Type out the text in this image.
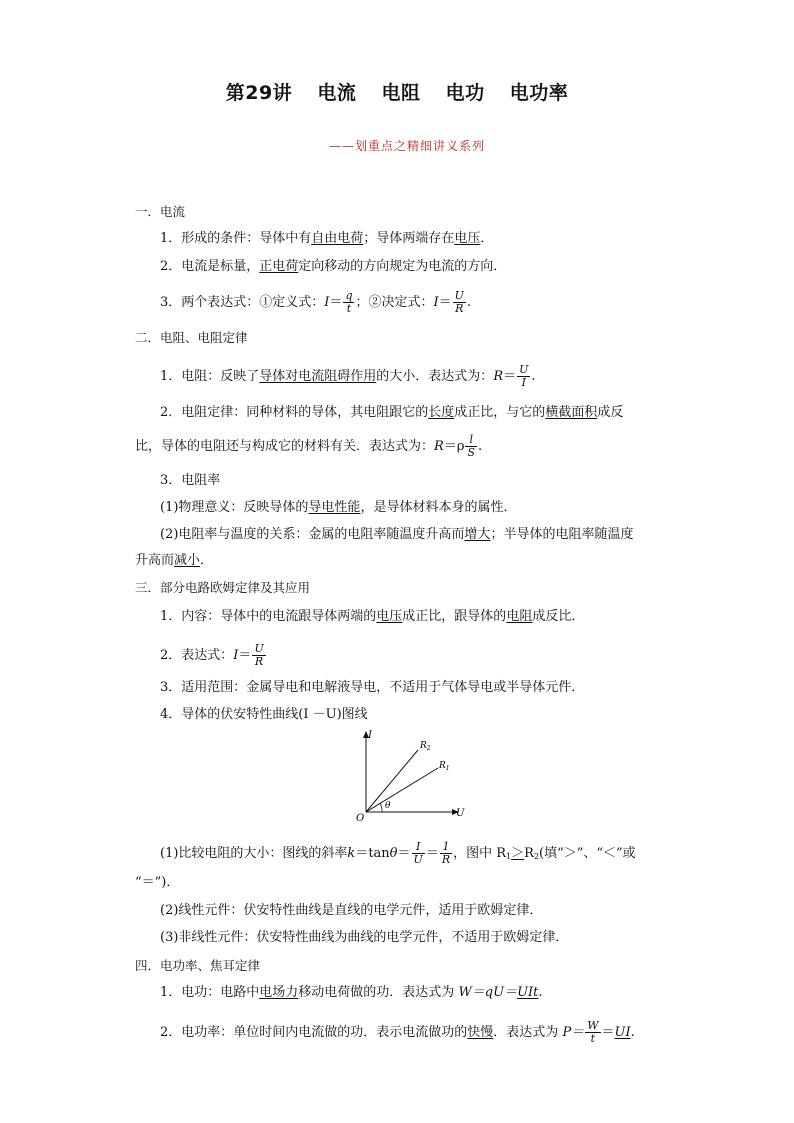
第29讲 电流 电阻 电功 电功率
——划重点之精细讲义系列
一．电流
1．形成的条件：导体中有自由电荷；导体两端存在电压．
2．电流是标量，正电荷定向移动的方向规定为电流的方向．
3．两个表达式：①定义式：$I= \frac{q}{t}$ ；②决定式：$I= \frac{U}{R}$ .
二．电阻、电阻定律
1．电阻：反映了导体对电流阻碍作用的大小．表达式为：$R= \frac{U}{I}$ .
2．电阻定律：同种材料的导体，其电阻跟它的长度成正比，与它的横截面积成反
比，导体的电阻还与构成它的材料有关．表达式为：$R=\rho \frac{l}{S}$ .
3．电阻率
(1)物理意义：反映导体的导电性能，是导体材料本身的属性．
(2)电阻率与温度的关系：金属的电阻率随温度升高而增大；半导体的电阻率随温度
升高而减小．
三．部分电路欧姆定律及其应用
1．内容：导体中的电流跟导体两端的电压成正比，跟导体的电阻成反比．
2．表达式：$I= \frac{U}{R}$
3．适用范围：金属导电和电解液导电，不适用于气体导电或半导体元件．
4．导体的伏安特性曲线(I －U)图线
I
U
O
θ
$R_2$
$R_1$
(1)比较电阻的大小：图线的斜率$k=\tan\theta= \frac{I}{U} = \frac{1}{R}$ ，图中 $R_1>R_2$(填“＞”、“＜”或
“＝”)．
(2)线性元件：伏安特性曲线是直线的电学元件，适用于欧姆定律．
(3)非线性元件：伏安特性曲线为曲线的电学元件，不适用于欧姆定律．
四．电功率、焦耳定律
1．电功：电路中电场力移动电荷做的功．表达式为 W＝qU＝UIt.
2．电功率：单位时间内电流做的功．表示电流做功的快慢．表达式为 $P= \frac{W}{t} =UI$.
